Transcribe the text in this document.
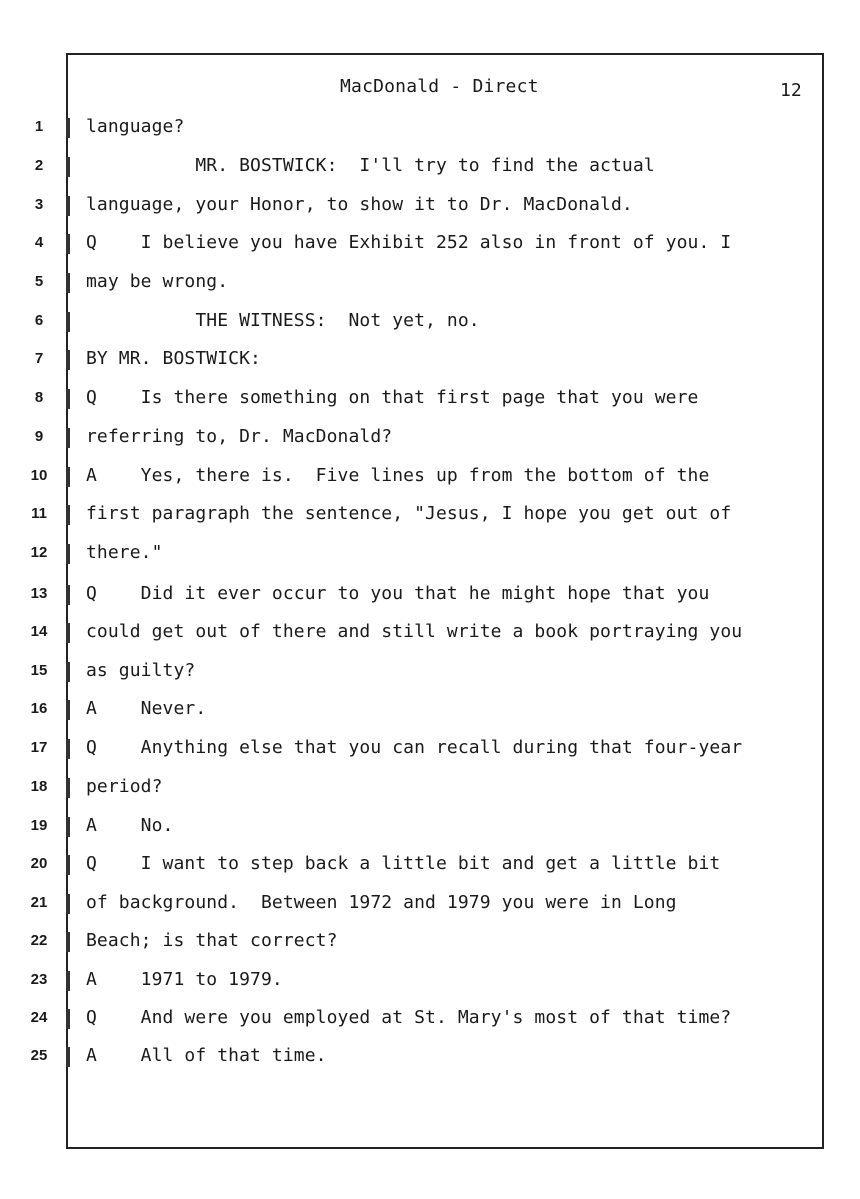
MacDonald - Direct	12
1
2
3
4
5
6
7
8
9
10
11
12
13
14
15
16
17
18
19
20
21
22
23
24
25
language?
MR. BOSTWICK:  I'll try to find the actual
language, your Honor, to show it to Dr. MacDonald.
Q    I believe you have Exhibit 252 also in front of you. I
may be wrong.
THE WITNESS:  Not yet, no.
BY MR. BOSTWICK:
Q    Is there something on that first page that you were
referring to, Dr. MacDonald?
A    Yes, there is.  Five lines up from the bottom of the
first paragraph the sentence, "Jesus, I hope you get out of
there."
Q    Did it ever occur to you that he might hope that you
could get out of there and still write a book portraying you
as guilty?
A    Never.
Q    Anything else that you can recall during that four-year
period?
A    No.
Q    I want to step back a little bit and get a little bit
of background.  Between 1972 and 1979 you were in Long
Beach; is that correct?
A    1971 to 1979.
Q    And were you employed at St. Mary's most of that time?
A    All of that time.
